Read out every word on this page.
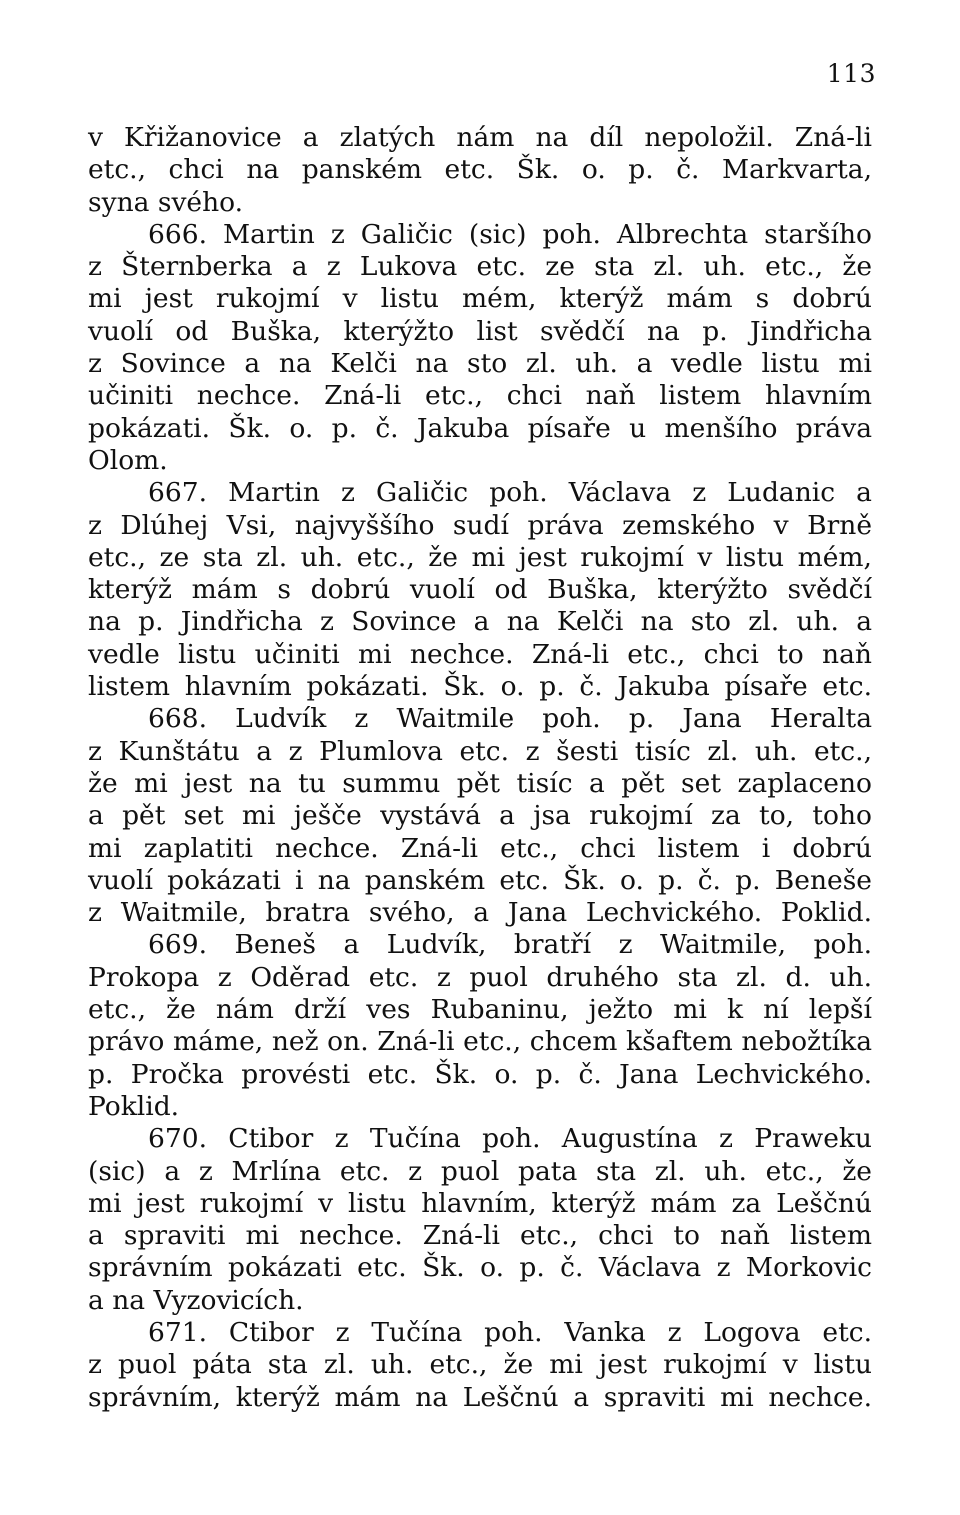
113
v Křižanovice a zlatých nám na díl nepoložil. Zná-li
etc., chci na panském etc. Šk. o. p. č. Markvarta,
syna svého.
666. Martin z Galičic (sic) poh. Albrechta staršího
z Šternberka a z Lukova etc. ze sta zl. uh. etc., že
mi jest rukojmí v listu mém, kterýž mám s dobrú
vuolí od Buška, kterýžto list svědčí na p. Jindřicha
z Sovince a na Kelči na sto zl. uh. a vedle listu mi
učiniti nechce. Zná-li etc., chci naň listem hlavním
pokázati. Šk. o. p. č. Jakuba písaře u menšího práva
Olom.
667. Martin z Galičic poh. Václava z Ludanic a
z Dlúhej Vsi, najvyššího sudí práva zemského v Brně
etc., ze sta zl. uh. etc., že mi jest rukojmí v listu mém,
kterýž mám s dobrú vuolí od Buška, kterýžto svědčí
na p. Jindřicha z Sovince a na Kelči na sto zl. uh. a
vedle listu učiniti mi nechce. Zná-li etc., chci to naň
listem hlavním pokázati. Šk. o. p. č. Jakuba písaře etc.
668. Ludvík z Waitmile poh. p. Jana Heralta
z Kunštátu a z Plumlova etc. z šesti tisíc zl. uh. etc.,
že mi jest na tu summu pět tisíc a pět set zaplaceno
a pět set mi ješče vystává a jsa rukojmí za to, toho
mi zaplatiti nechce. Zná-li etc., chci listem i dobrú
vuolí pokázati i na panském etc. Šk. o. p. č. p. Beneše
z Waitmile, bratra svého, a Jana Lechvického. Poklid.
669. Beneš a Ludvík, bratří z Waitmile, poh.
Prokopa z Oděrad etc. z puol druhého sta zl. d. uh.
etc., že nám drží ves Rubaninu, ježto mi k ní lepší
právo máme, než on. Zná-li etc., chcem kšaftem nebožtíka
p. Pročka provésti etc. Šk. o. p. č. Jana Lechvického.
Poklid.
670. Ctibor z Tučína poh. Augustína z Praweku
(sic) a z Mrlína etc. z puol pata sta zl. uh. etc., že
mi jest rukojmí v listu hlavním, kterýž mám za Leščnú
a spraviti mi nechce. Zná-li etc., chci to naň listem
správním pokázati etc. Šk. o. p. č. Václava z Morkovic
a na Vyzovicích.
671. Ctibor z Tučína poh. Vanka z Logova etc.
z puol páta sta zl. uh. etc., že mi jest rukojmí v listu
správním, kterýž mám na Leščnú a spraviti mi nechce.
